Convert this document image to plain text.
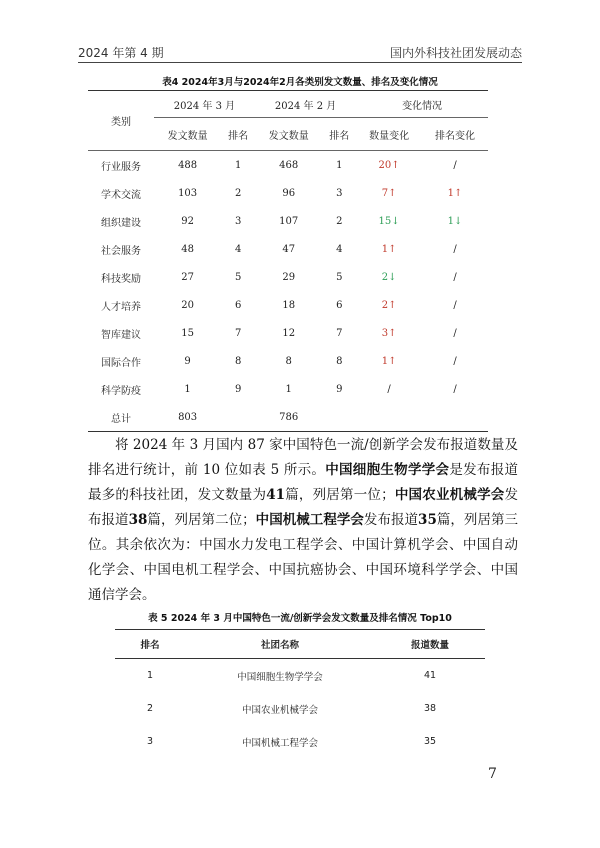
2024 年第 4 期	国内外科技社团发展动态
表4 2024年3月与2024年2月各类别发文数量、排名及变化情况
类别	2024 年 3 月		2024 年 2 月		变化情况	
	发文数量	排名	发文数量	排名	数量变化	排名变化
行业服务	488	1	468	1	20↑	/
学术交流	103	2	96	3	7↑	1↑
组织建设	92	3	107	2	15↓	1↓
社会服务	48	4	47	4	1↑	/
科技奖励	27	5	29	5	2↓	/
人才培养	20	6	18	6	2↑	/
智库建议	15	7	12	7	3↑	/
国际合作	9	8	8	8	1↑	/
科学防疫	1	9	1	9	/	/
总计	803		786			

将 2024 年 3 月国内 87 家中国特色一流/创新学会发布报道数量及排名进行统计，前 10 位如表 5 所示。中国细胞生物学学会是发布报道最多的科技社团，发文数量为41篇，列居第一位；中国农业机械学会发布报道38篇，列居第二位；中国机械工程学会发布报道35篇，列居第三位。其余依次为：中国水力发电工程学会、中国计算机学会、中国自动化学会、中国电机工程学会、中国抗癌协会、中国环境科学学会、中国通信学会。

表 5 2024 年 3 月中国特色一流/创新学会发文数量及排名情况 Top10
排名	社团名称	报道数量
1	中国细胞生物学学会	41
2	中国农业机械学会	38
3	中国机械工程学会	35
7
